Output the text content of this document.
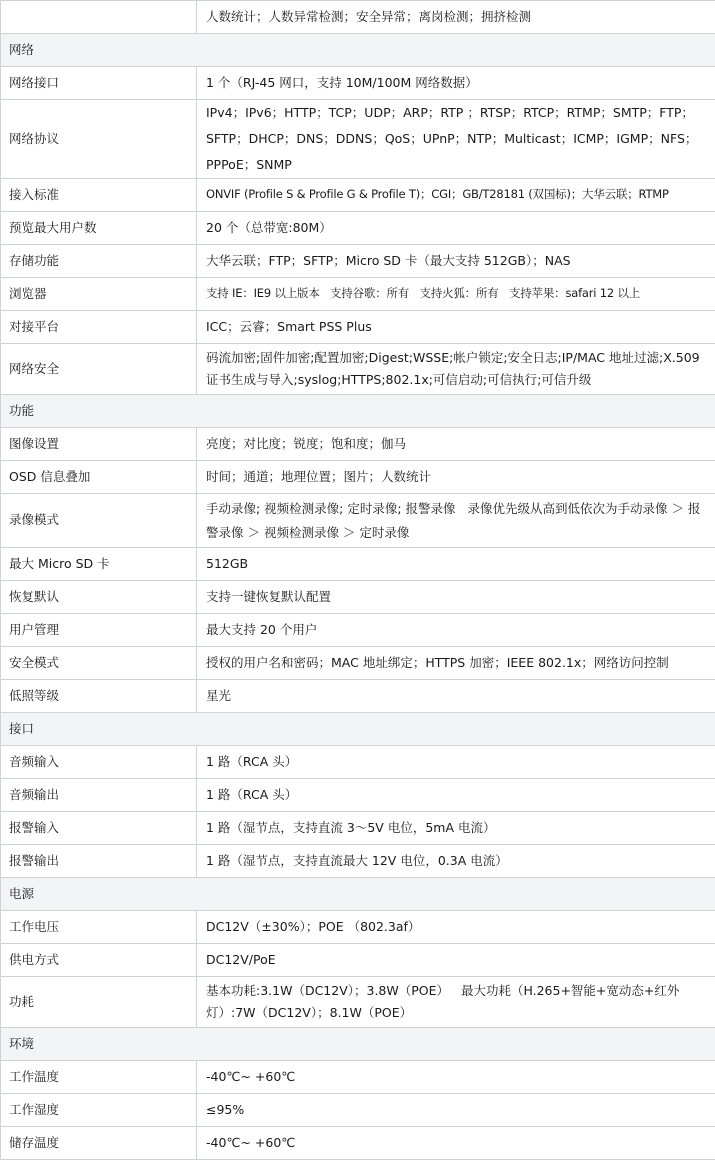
	人数统计；人数异常检测；安全异常；离岗检测；拥挤检测
网络	
网络接口	1 个（RJ-45 网口，支持 10M/100M 网络数据）
网络协议	IPv4；IPv6；HTTP；TCP；UDP；ARP；RTP ；RTSP；RTCP；RTMP；SMTP；FTP；SFTP；DHCP；DNS；DDNS；QoS；UPnP；NTP；Multicast；ICMP；IGMP；NFS；PPPoE；SNMP
接入标准	ONVIF (Profile S & Profile G & Profile T)；CGI；GB/T28181 (双国标)；大华云联；RTMP
预览最大用户数	20 个（总带宽:80M）
存储功能	大华云联；FTP；SFTP；Micro SD 卡（最大支持 512GB）；NAS
浏览器	支持 IE：IE9 以上版本   支持谷歌：所有   支持火狐：所有   支持苹果：safari 12 以上
对接平台	ICC；云睿；Smart PSS Plus
网络安全	码流加密;固件加密;配置加密;Digest;WSSE;帐户锁定;安全日志;IP/MAC 地址过滤;X.509 证书生成与导入;syslog;HTTPS;802.1x;可信启动;可信执行;可信升级
功能	
图像设置	亮度；对比度；锐度；饱和度；伽马
OSD 信息叠加	时间；通道；地理位置；图片；人数统计
录像模式	手动录像; 视频检测录像; 定时录像; 报警录像   录像优先级从高到低依次为手动录像 ＞ 报警录像 ＞ 视频检测录像 ＞ 定时录像
最大 Micro SD 卡	512GB
恢复默认	支持一键恢复默认配置
用户管理	最大支持 20 个用户
安全模式	授权的用户名和密码；MAC 地址绑定；HTTPS 加密；IEEE 802.1x；网络访问控制
低照等级	星光
接口	
音频输入	1 路（RCA 头）
音频输出	1 路（RCA 头）
报警输入	1 路（湿节点，支持直流 3～5V 电位，5mA 电流）
报警输出	1 路（湿节点，支持直流最大 12V 电位，0.3A 电流）
电源	
工作电压	DC12V（±30%）；POE （802.3af）
供电方式	DC12V/PoE
功耗	基本功耗:3.1W（DC12V）；3.8W（POE）   最大功耗（H.265+智能+宽动态+红外灯）:7W（DC12V）；8.1W（POE）
环境	
工作温度	-40℃~ +60℃
工作湿度	≤95%
储存温度	-40℃~ +60℃
